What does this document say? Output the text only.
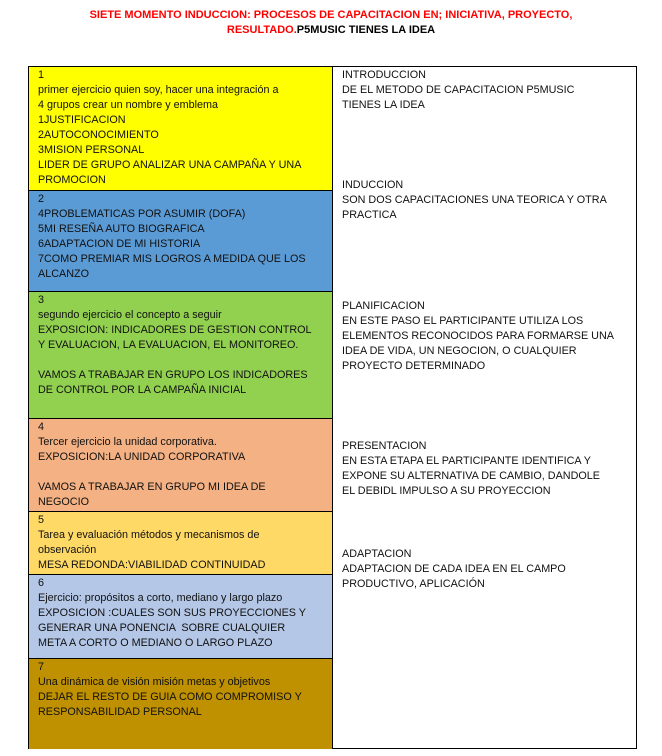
SIETE MOMENTO INDUCCION: PROCESOS DE CAPACITACION EN; INICIATIVA, PROYECTO,
RESULTADO.P5MUSIC TIENES LA IDEA

1

primer ejercicio quien soy, hacer una integración a

4 grupos crear un nombre y emblema

1JUSTIFICACION

2AUTOCONOCIMIENTO

3MISION PERSONAL

LIDER DE GRUPO ANALIZAR UNA CAMPAÑA Y UNA

PROMOCION

2

4PROBLEMATICAS POR ASUMIR (DOFA)

5MI RESEÑA AUTO BIOGRAFICA

6ADAPTACION DE MI HISTORIA

7COMO PREMIAR MIS LOGROS A MEDIDA QUE LOS

ALCANZO

3

segundo ejercicio el concepto a seguir

EXPOSICION: INDICADORES DE GESTION CONTROL

Y EVALUACION, LA EVALUACION, EL MONITOREO.

VAMOS A TRABAJAR EN GRUPO LOS INDICADORES

DE CONTROL POR LA CAMPAÑA INICIAL

4

Tercer ejercicio la unidad corporativa.

EXPOSICION:LA UNIDAD CORPORATIVA

VAMOS A TRABAJAR EN GRUPO MI IDEA DE

NEGOCIO

5

Tarea y evaluación métodos y mecanismos de

observación

MESA REDONDA:VIABILIDAD CONTINUIDAD

6

Ejercicio: propósitos a corto, mediano y largo plazo

EXPOSICION :CUALES SON SUS PROYECCIONES Y

GENERAR UNA PONENCIA  SOBRE CUALQUIER

META A CORTO O MEDIANO O LARGO PLAZO

7

Una dinámica de visión misión metas y objetivos

DEJAR EL RESTO DE GUIA COMO COMPROMISO Y

RESPONSABILIDAD PERSONAL

INTRODUCCION

DE EL METODO DE CAPACITACION P5MUSIC

TIENES LA IDEA

INDUCCION

SON DOS CAPACITACIONES UNA TEORICA Y OTRA

PRACTICA

PLANIFICACION

EN ESTE PASO EL PARTICIPANTE UTILIZA LOS

ELEMENTOS RECONOCIDOS PARA FORMARSE UNA

IDEA DE VIDA, UN NEGOCION, O CUALQUIER

PROYECTO DETERMINADO

PRESENTACION

EN ESTA ETAPA EL PARTICIPANTE IDENTIFICA Y

EXPONE SU ALTERNATIVA DE CAMBIO, DANDOLE

EL DEBIDL IMPULSO A SU PROYECCION

ADAPTACION

ADAPTACION DE CADA IDEA EN EL CAMPO

PRODUCTIVO, APLICACIÓN
